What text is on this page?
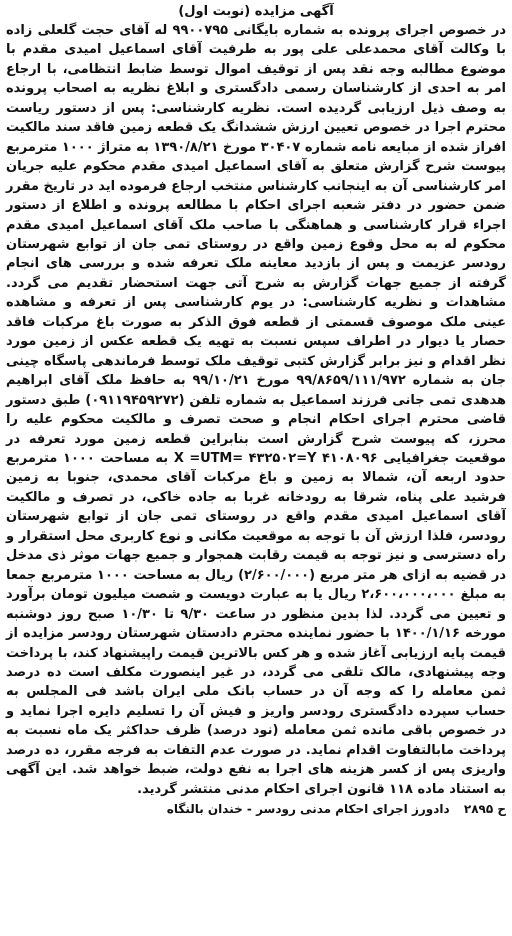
آگهی مزایده (نوبت اول)

در خصوص اجرای پرونده به شماره بایگانی ۹۹۰۰۷۹۵ له آقای حجت گلعلی زاده با وکالت آقای محمدعلی علی پور به طرفیت آقای اسماعیل امیدی مقدم با موضوع مطالبه وجه نقد پس از توقیف اموال توسط ضابط انتظامی، با ارجاع امر به احدی از کارشناسان رسمی دادگستری و ابلاغ نظریه به اصحاب پرونده به وصف ذیل ارزیابی گردیده است. نظریه کارشناسی: پس از دستور ریاست محترم اجرا در خصوص تعیین ارزش ششدانگ یک قطعه زمین فاقد سند مالکیت افراز شده از مبایعه نامه شماره ۳۰۴۰۷ مورخ ۱۳۹۰/۸/۲۱ به متراژ ۱۰۰۰ مترمربع پیوست شرح گزارش متعلق به آقای اسماعیل امیدی مقدم محکوم علیه جریان امر کارشناسی آن به اینجانب کارشناس منتخب ارجاع فرموده اید در تاریخ مقرر ضمن حضور در دفتر شعبه اجرای احکام با مطالعه پرونده و اطلاع از دستور اجراء قرار کارشناسی و هماهنگی با صاحب ملک آقای اسماعیل امیدی مقدم محکوم له به محل وقوع زمین واقع در روستای تمی جان از توابع شهرستان رودسر عزیمت و پس از بازدید معاینه ملک تعرفه شده و بررسی های انجام گرفته از جمیع جهات گزارش به شرح آتی جهت استحضار تقدیم می گردد. مشاهدات و نظریه کارشناسی: در یوم کارشناسی پس از تعرفه و مشاهده عینی ملک موصوف قسمتی از قطعه فوق الذکر به صورت باغ مرکبات فاقد حصار یا دیوار در اطراف سپس نسبت به تهیه یک قطعه عکس از زمین مورد نظر اقدام و نیز برابر گزارش کتبی توقیف ملک توسط فرماندهی پاسگاه چینی جان به شماره ۹۹/۸۶۵۹/۱۱۱/۹۷۲ مورخ ۹۹/۱۰/۲۱ به حافظ ملک آقای ابراهیم هدهدی تمی جانی فرزند اسماعیل به شماره تلفن (۰۹۱۱۹۴۵۹۲۷۲) طبق دستور قاضی محترم اجرای احکام انجام و صحت تصرف و مالکیت محکوم علیه را محرز، که پیوست شرح گزارش است بنابراین قطعه زمین مورد تعرفه در موقعیت جغرافیایی X =UTM= ۴۳۲۵۰۲=Y ۴۱۰۸۰۹۶ به مساحت ۱۰۰۰ مترمربع حدود اربعه آن، شمالا به زمین و باغ مرکبات آقای محمدی، جنوبا به زمین فرشید علی پناه، شرقا به رودخانه غربا به جاده خاکی، در تصرف و مالکیت آقای اسماعیل امیدی مقدم واقع در روستای تمی جان از توابع شهرستان رودسر، فلذا ارزش آن با توجه به موقعیت مکانی و نوع کاربری محل استقرار و راه دسترسی و نیز توجه به قیمت رقابت همجوار و جمیع جهات موثر ذی مدخل در قضیه به ازای هر متر مربع (۲/۶۰۰/۰۰۰) ریال به مساحت ۱۰۰۰ مترمربع جمعا به مبلغ ۲،۶۰۰،۰۰۰،۰۰۰ ریال یا به عبارت دویست و شصت میلیون تومان برآورد و تعیین می گردد. لذا بدین منظور در ساعت ۹/۳۰ تا ۱۰/۳۰ صبح روز دوشنبه مورخه ۱۴۰۰/۱/۱۶ با حضور نماینده محترم دادستان شهرستان رودسر مزایده از قیمت پایه ارزیابی آغاز شده و هر کس بالاترین قیمت راپیشنهاد کند، با پرداخت وجه پیشنهادی، مالک تلقی می گردد، در غیر اینصورت مکلف است ده درصد ثمن معامله را که وجه آن در حساب بانک ملی ایران باشد فی المجلس به حساب سپرده دادگستری رودسر واریز و فیش آن را تسلیم دایره اجرا نماید و در خصوص باقی مانده ثمن معامله (نود درصد) ظرف حداکثر یک ماه نسبت به پرداخت مابالتفاوت اقدام نماید. در صورت عدم التفات به فرجه مقرر، ده درصد واریزی پس از کسر هزینه های اجرا به نفع دولت، ضبط خواهد شد. این آگهی به استناد ماده ۱۱۸ قانون اجرای احکام مدنی منتشر گردید.

ح ۲۸۹۵ دادورز اجرای احکام مدنی رودسر - خندان بالنگاه
